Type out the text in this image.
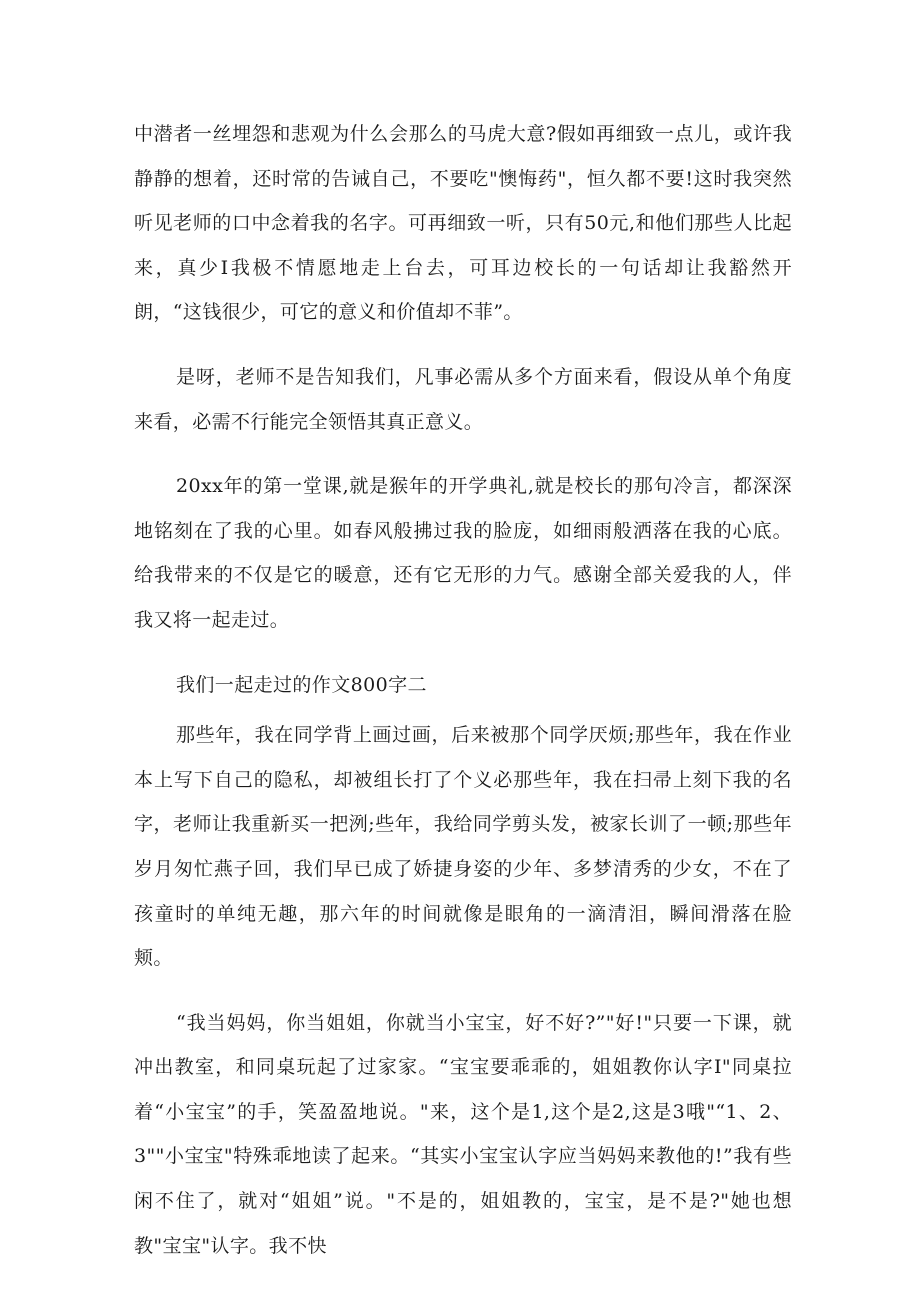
中潜者一丝埋怨和悲观为什么会那么的马虎大意?假如再细致一点儿，或许我静静的想着，还时常的告诫自己，不要吃"懊悔药"，恒久都不要!这时我突然听见老师的口中念着我的名字。可再细致一听，只有50元,和他们那些人比起来，真少I我极不情愿地走上台去，可耳边校长的一句话却让我豁然开朗，“这钱很少，可它的意义和价值却不菲”。

是呀，老师不是告知我们，凡事必需从多个方面来看，假设从单个角度来看，必需不行能完全领悟其真正意义。

20xx年的第一堂课,就是猴年的开学典礼,就是校长的那句冷言，都深深地铭刻在了我的心里。如春风般拂过我的脸庞，如细雨般洒落在我的心底。给我带来的不仅是它的暖意，还有它无形的力气。感谢全部关爱我的人，伴我又将一起走过。

我们一起走过的作文800字二

那些年，我在同学背上画过画，后来被那个同学厌烦;那些年，我在作业本上写下自己的隐私，却被组长打了个义必那些年，我在扫帚上刻下我的名字，老师让我重新买一把洌;些年，我给同学剪头发，被家长训了一顿;那些年岁月匆忙燕子回，我们早已成了娇捷身姿的少年、多梦清秀的少女，不在了孩童时的单纯无趣，那六年的时间就像是眼角的一滴清泪，瞬间滑落在脸颊。

“我当妈妈，你当姐姐，你就当小宝宝，好不好?”"好!"只要一下课，就冲出教室，和同桌玩起了过家家。“宝宝要乖乖的，姐姐教你认字I"同桌拉着“小宝宝”的手，笑盈盈地说。"来，这个是1,这个是2,这是3哦"“1、2、3""小宝宝"特殊乖地读了起来。“其实小宝宝认字应当妈妈来教他的!”我有些闲不住了，就对“姐姐”说。"不是的，姐姐教的，宝宝，是不是?"她也想教"宝宝"认字。我不快
